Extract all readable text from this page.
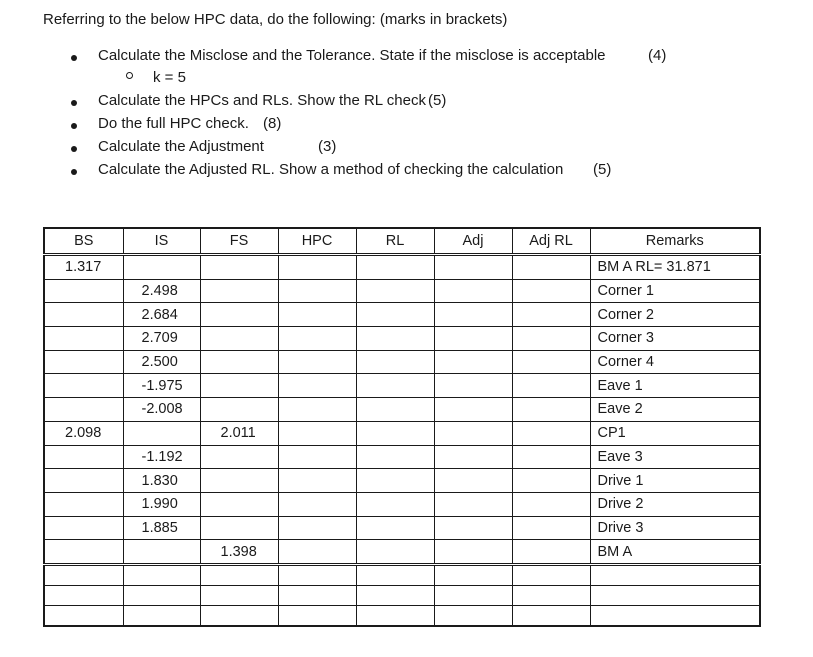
Referring to the below HPC data, do the following: (marks in brackets)
Calculate the Misclose and the Tolerance. State if the misclose is acceptable	(4)
k = 5
Calculate the HPCs and RLs. Show the RL check (5)
Do the full HPC check. (8)
Calculate the Adjustment	(3)
Calculate the Adjusted RL. Show a method of checking the calculation (5)
BS	IS	FS	HPC	RL	Adj	Adj RL	Remarks
1.317							BM A RL= 31.871
	2.498						Corner 1
	2.684						Corner 2
	2.709						Corner 3
	2.500						Corner 4
	-1.975						Eave 1
	-2.008						Eave 2
2.098		2.011					CP1
	-1.192						Eave 3
	1.830						Drive 1
	1.990						Drive 2
	1.885						Drive 3
		1.398					BM A
